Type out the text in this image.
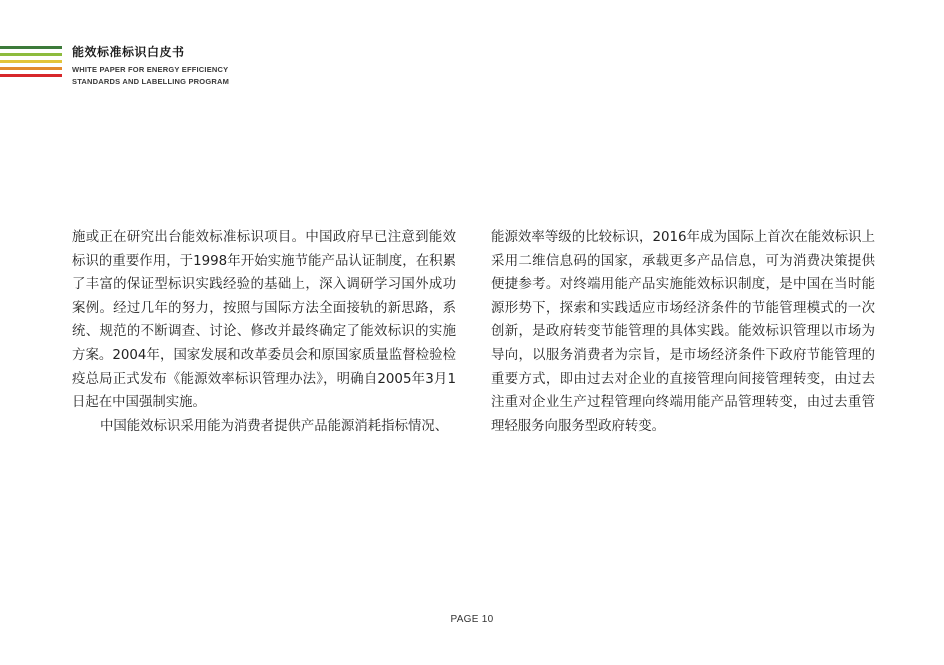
能效标准标识白皮书
WHITE PAPER FOR ENERGY EFFICIENCY
STANDARDS AND LABELLING PROGRAM

施或正在研究出台能效标准标识项目。中国政府早已注意到能效标识的重要作用，于1998年开始实施节能产品认证制度，在积累了丰富的保证型标识实践经验的基础上，深入调研学习国外成功案例。经过几年的努力，按照与国际方法全面接轨的新思路，系统、规范的不断调查、讨论、修改并最终确定了能效标识的实施方案。2004年，国家发展和改革委员会和原国家质量监督检验检疫总局正式发布《能源效率标识管理办法》，明确自2005年3月1日起在中国强制实施。

中国能效标识采用能为消费者提供产品能源消耗指标情况、

能源效率等级的比较标识，2016年成为国际上首次在能效标识上采用二维信息码的国家，承载更多产品信息，可为消费决策提供便捷参考。对终端用能产品实施能效标识制度，是中国在当时能源形势下，探索和实践适应市场经济条件的节能管理模式的一次创新，是政府转变节能管理的具体实践。能效标识管理以市场为导向，以服务消费者为宗旨，是市场经济条件下政府节能管理的重要方式，即由过去对企业的直接管理向间接管理转变，由过去注重对企业生产过程管理向终端用能产品管理转变，由过去重管理轻服务向服务型政府转变。

PAGE 10
